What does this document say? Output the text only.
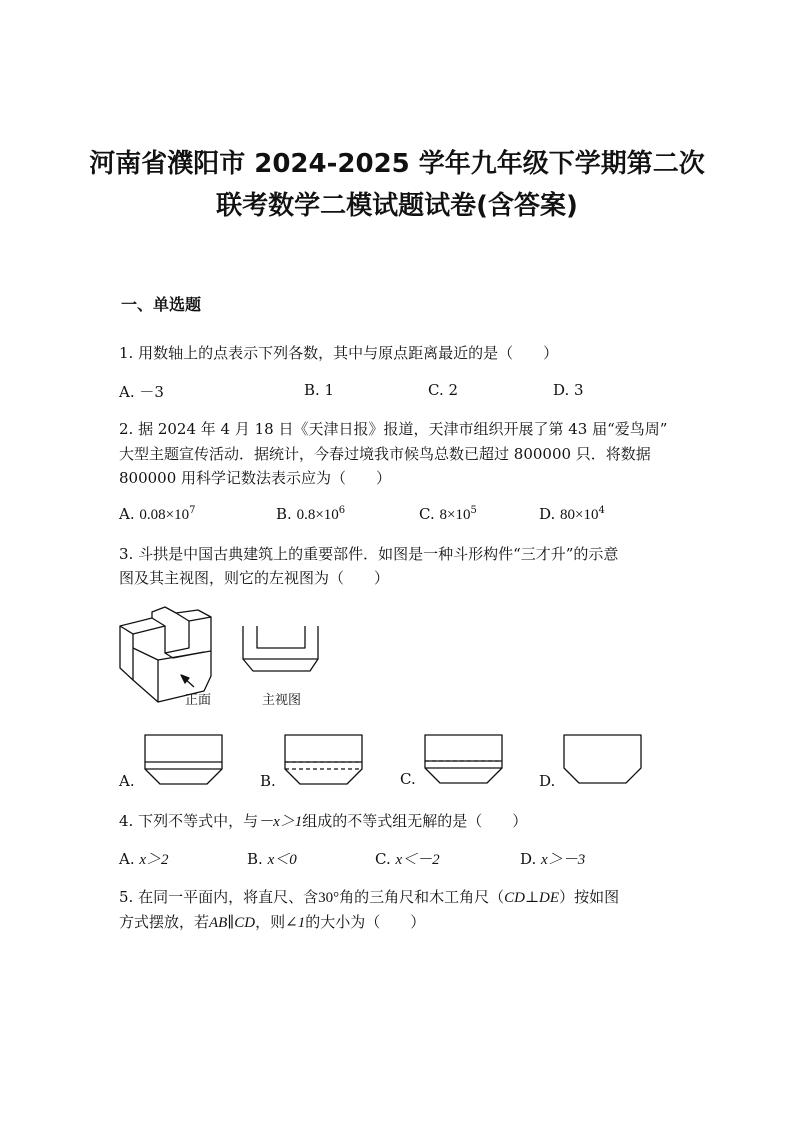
河南省濮阳市 2024-2025 学年九年级下学期第二次
联考数学二模试题试卷(含答案)
一、单选题
1. 用数轴上的点表示下列各数，其中与原点距离最近的是（　　）
A. －3	B. 1	C. 2	D. 3
2. 据 2024 年 4 月 18 日《天津日报》报道，天津市组织开展了第 43 届“爱鸟周”
大型主题宣传活动．据统计，今春过境我市候鸟总数已超过 800000 只．将数据
800000 用科学记数法表示应为（　　）
A. $0.08\times 10^7$	B. $0.8\times 10^6$	C. $8\times 10^5$	D. $80\times 10^4$
3. 斗拱是中国古典建筑上的重要部件．如图是一种斗形构件“三才升”的示意
图及其主视图，则它的左视图为（　　）
正面	主视图
A.	B.	C.	D.
4. 下列不等式中，与－x＞1组成的不等式组无解的是（　　）
A. x＞2	B. x＜0	C. x＜－2	D. x＞－3
5. 在同一平面内，将直尺、含30°角的三角尺和木工角尺（CD⊥DE）按如图
方式摆放，若AB∥CD，则∠1的大小为（　　）
